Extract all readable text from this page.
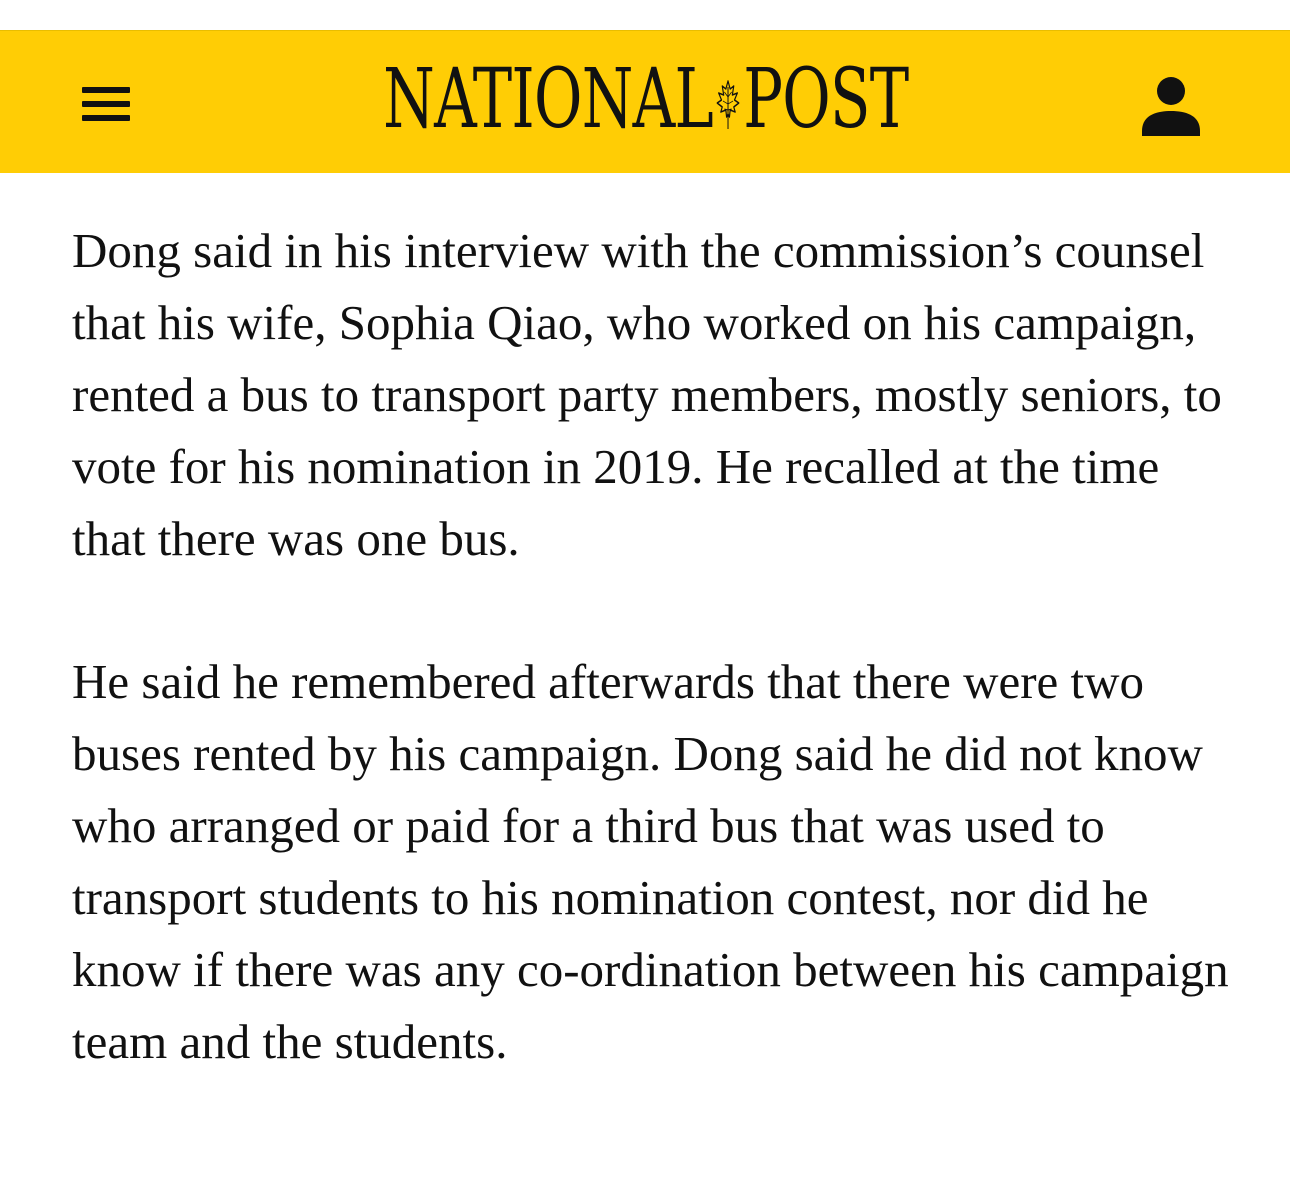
NATIONAL POST

Dong said in his interview with the commission’s counsel that his wife, Sophia Qiao, who worked on his campaign, rented a bus to transport party members, mostly seniors, to vote for his nomination in 2019. He recalled at the time that there was one bus.

He said he remembered afterwards that there were two buses rented by his campaign. Dong said he did not know who arranged or paid for a third bus that was used to transport students to his nomination contest, nor did he know if there was any co-ordination between his campaign team and the students.
